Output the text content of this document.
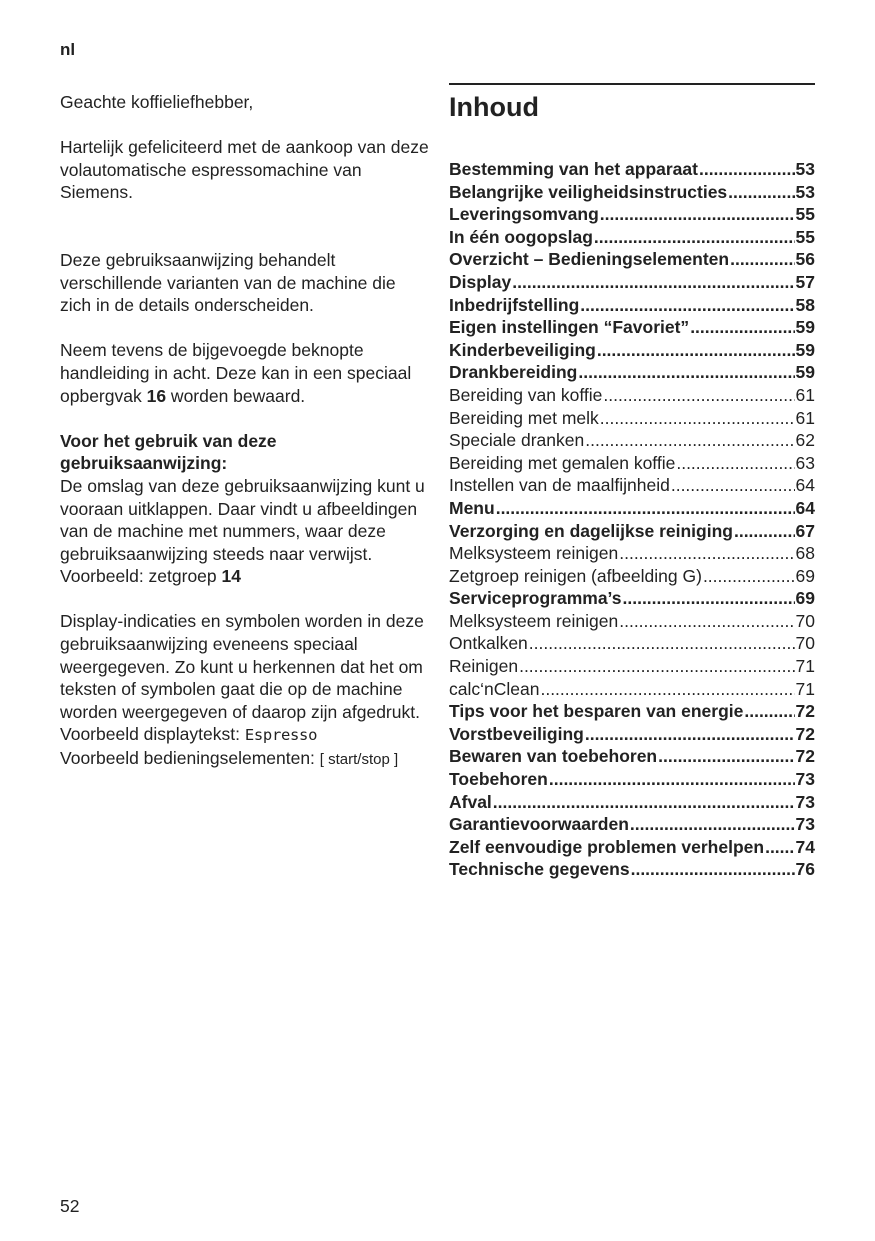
nl

Geachte koffieliefhebber,

Hartelijk gefeliciteerd met de aankoop van deze volautomatische espressomachine van Siemens.

Deze gebruiksaanwijzing behandelt verschillende varianten van de machine die zich in de details onderscheiden.

Neem tevens de bijgevoegde beknopte handleiding in acht. Deze kan in een speciaal opbergvak 16 worden bewaard.

Voor het gebruik van deze gebruiksaanwijzing:

De omslag van deze gebruiksaanwijzing kunt u vooraan uitklappen. Daar vindt u afbeeldingen van de machine met nummers, waar deze gebruiksaanwijzing steeds naar verwijst.

Voorbeeld: zetgroep 14

Display-indicaties en symbolen worden in deze gebruiksaanwijzing eveneens speciaal weergegeven. Zo kunt u herkennen dat het om teksten of symbolen gaat die op de machine worden weergegeven of daarop zijn afgedrukt.

Voorbeeld displaytekst: Espresso

Voorbeeld bedieningselementen: [ start/stop ]

Inhoud
Bestemming van het apparaat .....	53
Belangrijke veiligheidsinstructies .....	53
Leveringsomvang .....	55
In één oogopslag .....	55
Overzicht – Bedieningselementen .....	56
Display .....	57
Inbedrijfstelling .....	58
Eigen instellingen “Favoriet” .....	59
Kinderbeveiliging .....	59
Drankbereiding .....	59
Bereiding van koffie .....	61
Bereiding met melk .....	61
Speciale dranken .....	62
Bereiding met gemalen koffie .....	63
Instellen van de maalfijnheid .....	64
Menu .....	64
Verzorging en dagelijkse reiniging .....	67
Melksysteem reinigen .....	68
Zetgroep reinigen (afbeelding G) .....	69
Serviceprogramma’s .....	69
Melksysteem reinigen .....	70
Ontkalken .....	70
Reinigen .....	71
calc‘nClean .....	71
Tips voor het besparen van energie .....	72
Vorstbeveiliging .....	72
Bewaren van toebehoren .....	72
Toebehoren .....	73
Afval .....	73
Garantievoorwaarden .....	73
Zelf eenvoudige problemen verhelpen ..... 74
Technische gegevens .....	76
52
